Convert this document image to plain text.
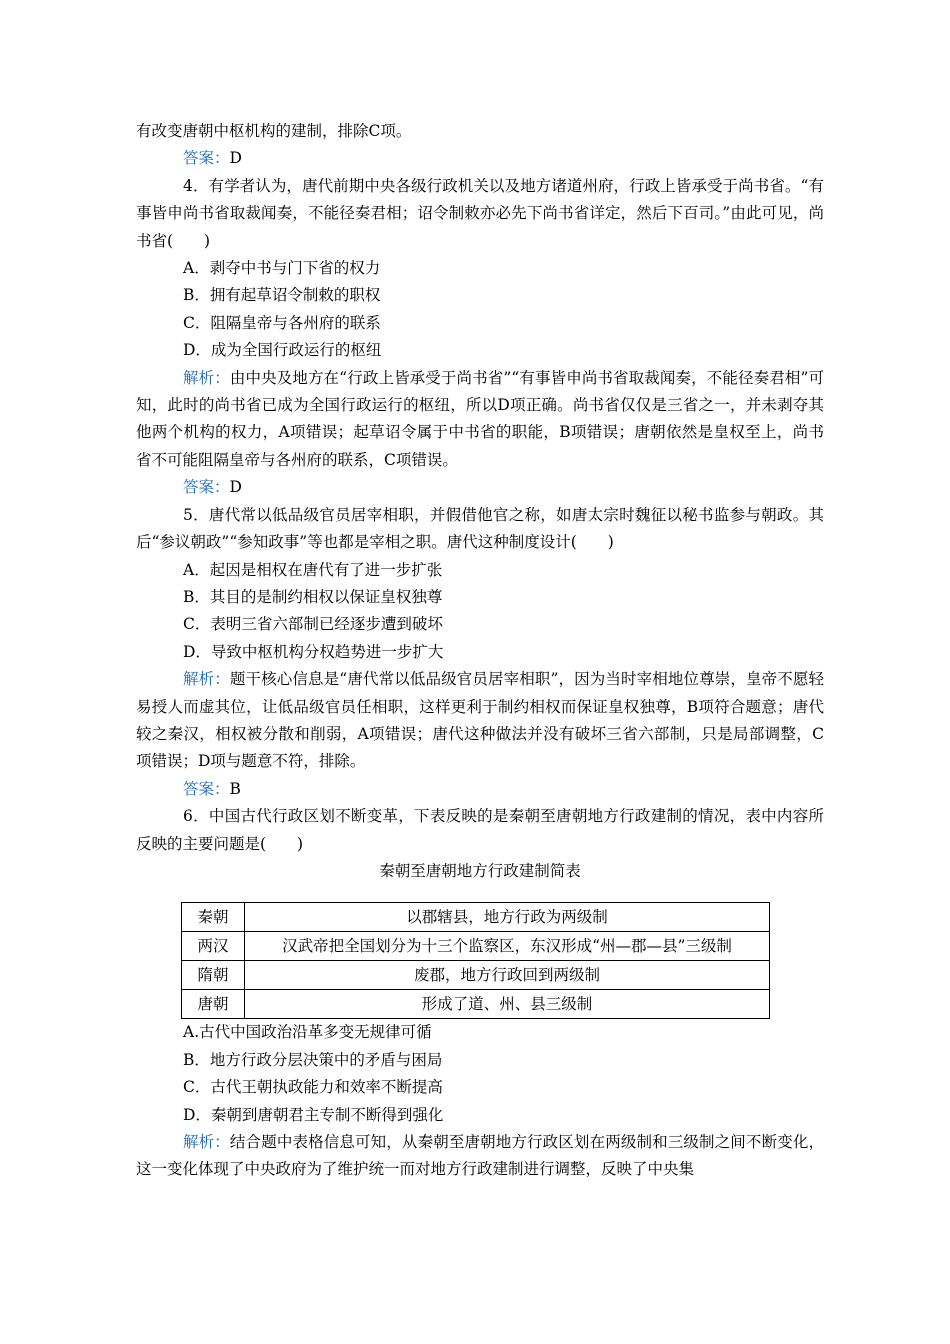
有改变唐朝中枢机构的建制，排除C项。

答案：D

4．有学者认为，唐代前期中央各级行政机关以及地方诸道州府，行政上皆承受于尚书省。“有事皆申尚书省取裁闻奏，不能径奏君相；诏令制敕亦必先下尚书省详定，然后下百司。”由此可见，尚书省(　　)

A．剥夺中书与门下省的权力

B．拥有起草诏令制敕的职权

C．阻隔皇帝与各州府的联系

D．成为全国行政运行的枢纽

解析：由中央及地方在“行政上皆承受于尚书省”“有事皆申尚书省取裁闻奏，不能径奏君相”可知，此时的尚书省已成为全国行政运行的枢纽，所以D项正确。尚书省仅仅是三省之一，并未剥夺其他两个机构的权力，A项错误；起草诏令属于中书省的职能，B项错误；唐朝依然是皇权至上，尚书省不可能阻隔皇帝与各州府的联系，C项错误。

答案：D

5．唐代常以低品级官员居宰相职，并假借他官之称，如唐太宗时魏征以秘书监参与朝政。其后“参议朝政”“参知政事”等也都是宰相之职。唐代这种制度设计(　　)

A．起因是相权在唐代有了进一步扩张

B．其目的是制约相权以保证皇权独尊

C．表明三省六部制已经逐步遭到破坏

D．导致中枢机构分权趋势进一步扩大

解析：题干核心信息是“唐代常以低品级官员居宰相职”，因为当时宰相地位尊崇，皇帝不愿轻易授人而虚其位，让低品级官员任相职，这样更利于制约相权而保证皇权独尊，B项符合题意；唐代较之秦汉，相权被分散和削弱，A项错误；唐代这种做法并没有破坏三省六部制，只是局部调整，C项错误；D项与题意不符，排除。

答案：B

6．中国古代行政区划不断变革，下表反映的是秦朝至唐朝地方行政建制的情况，表中内容所反映的主要问题是(　　)

秦朝至唐朝地方行政建制简表

秦朝	以郡辖县，地方行政为两级制
两汉	汉武帝把全国划分为十三个监察区，东汉形成“州—郡—县”三级制
隋朝	废郡，地方行政回到两级制
唐朝	形成了道、州、县三级制

A.古代中国政治沿革多变无规律可循

B．地方行政分层决策中的矛盾与困局

C．古代王朝执政能力和效率不断提高

D．秦朝到唐朝君主专制不断得到强化

解析：结合题中表格信息可知，从秦朝至唐朝地方行政区划在两级制和三级制之间不断变化，这一变化体现了中央政府为了维护统一而对地方行政建制进行调整，反映了中央集
